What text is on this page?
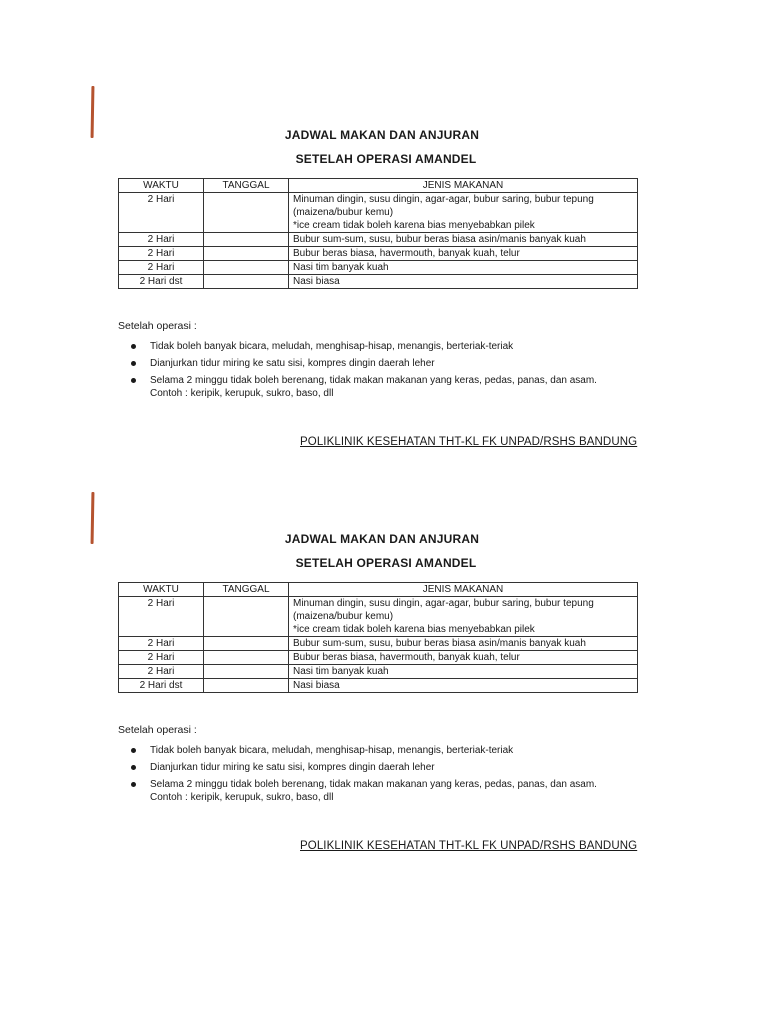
JADWAL MAKAN DAN ANJURAN
SETELAH OPERASI AMANDEL
WAKTU	TANGGAL	JENIS MAKANAN
2 Hari		Minuman dingin, susu dingin, agar-agar, bubur saring, bubur tepung
(maizena/bubur kemu)
*ice cream tidak boleh karena bias menyebabkan pilek

2 Hari		Bubur sum-sum, susu, bubur beras biasa asin/manis banyak kuah
2 Hari		Bubur beras biasa, havermouth, banyak kuah, telur
2 Hari		Nasi tim banyak kuah
2 Hari dst		Nasi biasa
Setelah operasi :
Tidak boleh banyak bicara, meludah, menghisap-hisap, menangis, berteriak-teriak
Dianjurkan tidur miring ke satu sisi, kompres dingin daerah leher
Selama 2 minggu tidak boleh berenang, tidak makan makanan yang keras, pedas, panas, dan asam.
Contoh : keripik, kerupuk, sukro, baso, dll
POLIKLINIK KESEHATAN THT-KL FK UNPAD/RSHS BANDUNG
JADWAL MAKAN DAN ANJURAN
SETELAH OPERASI AMANDEL
WAKTU	TANGGAL	JENIS MAKANAN
2 Hari		Minuman dingin, susu dingin, agar-agar, bubur saring, bubur tepung
(maizena/bubur kemu)
*ice cream tidak boleh karena bias menyebabkan pilek

2 Hari		Bubur sum-sum, susu, bubur beras biasa asin/manis banyak kuah
2 Hari		Bubur beras biasa, havermouth, banyak kuah, telur
2 Hari		Nasi tim banyak kuah
2 Hari dst		Nasi biasa
Setelah operasi :
Tidak boleh banyak bicara, meludah, menghisap-hisap, menangis, berteriak-teriak
Dianjurkan tidur miring ke satu sisi, kompres dingin daerah leher
Selama 2 minggu tidak boleh berenang, tidak makan makanan yang keras, pedas, panas, dan asam.
Contoh : keripik, kerupuk, sukro, baso, dll
POLIKLINIK KESEHATAN THT-KL FK UNPAD/RSHS BANDUNG
